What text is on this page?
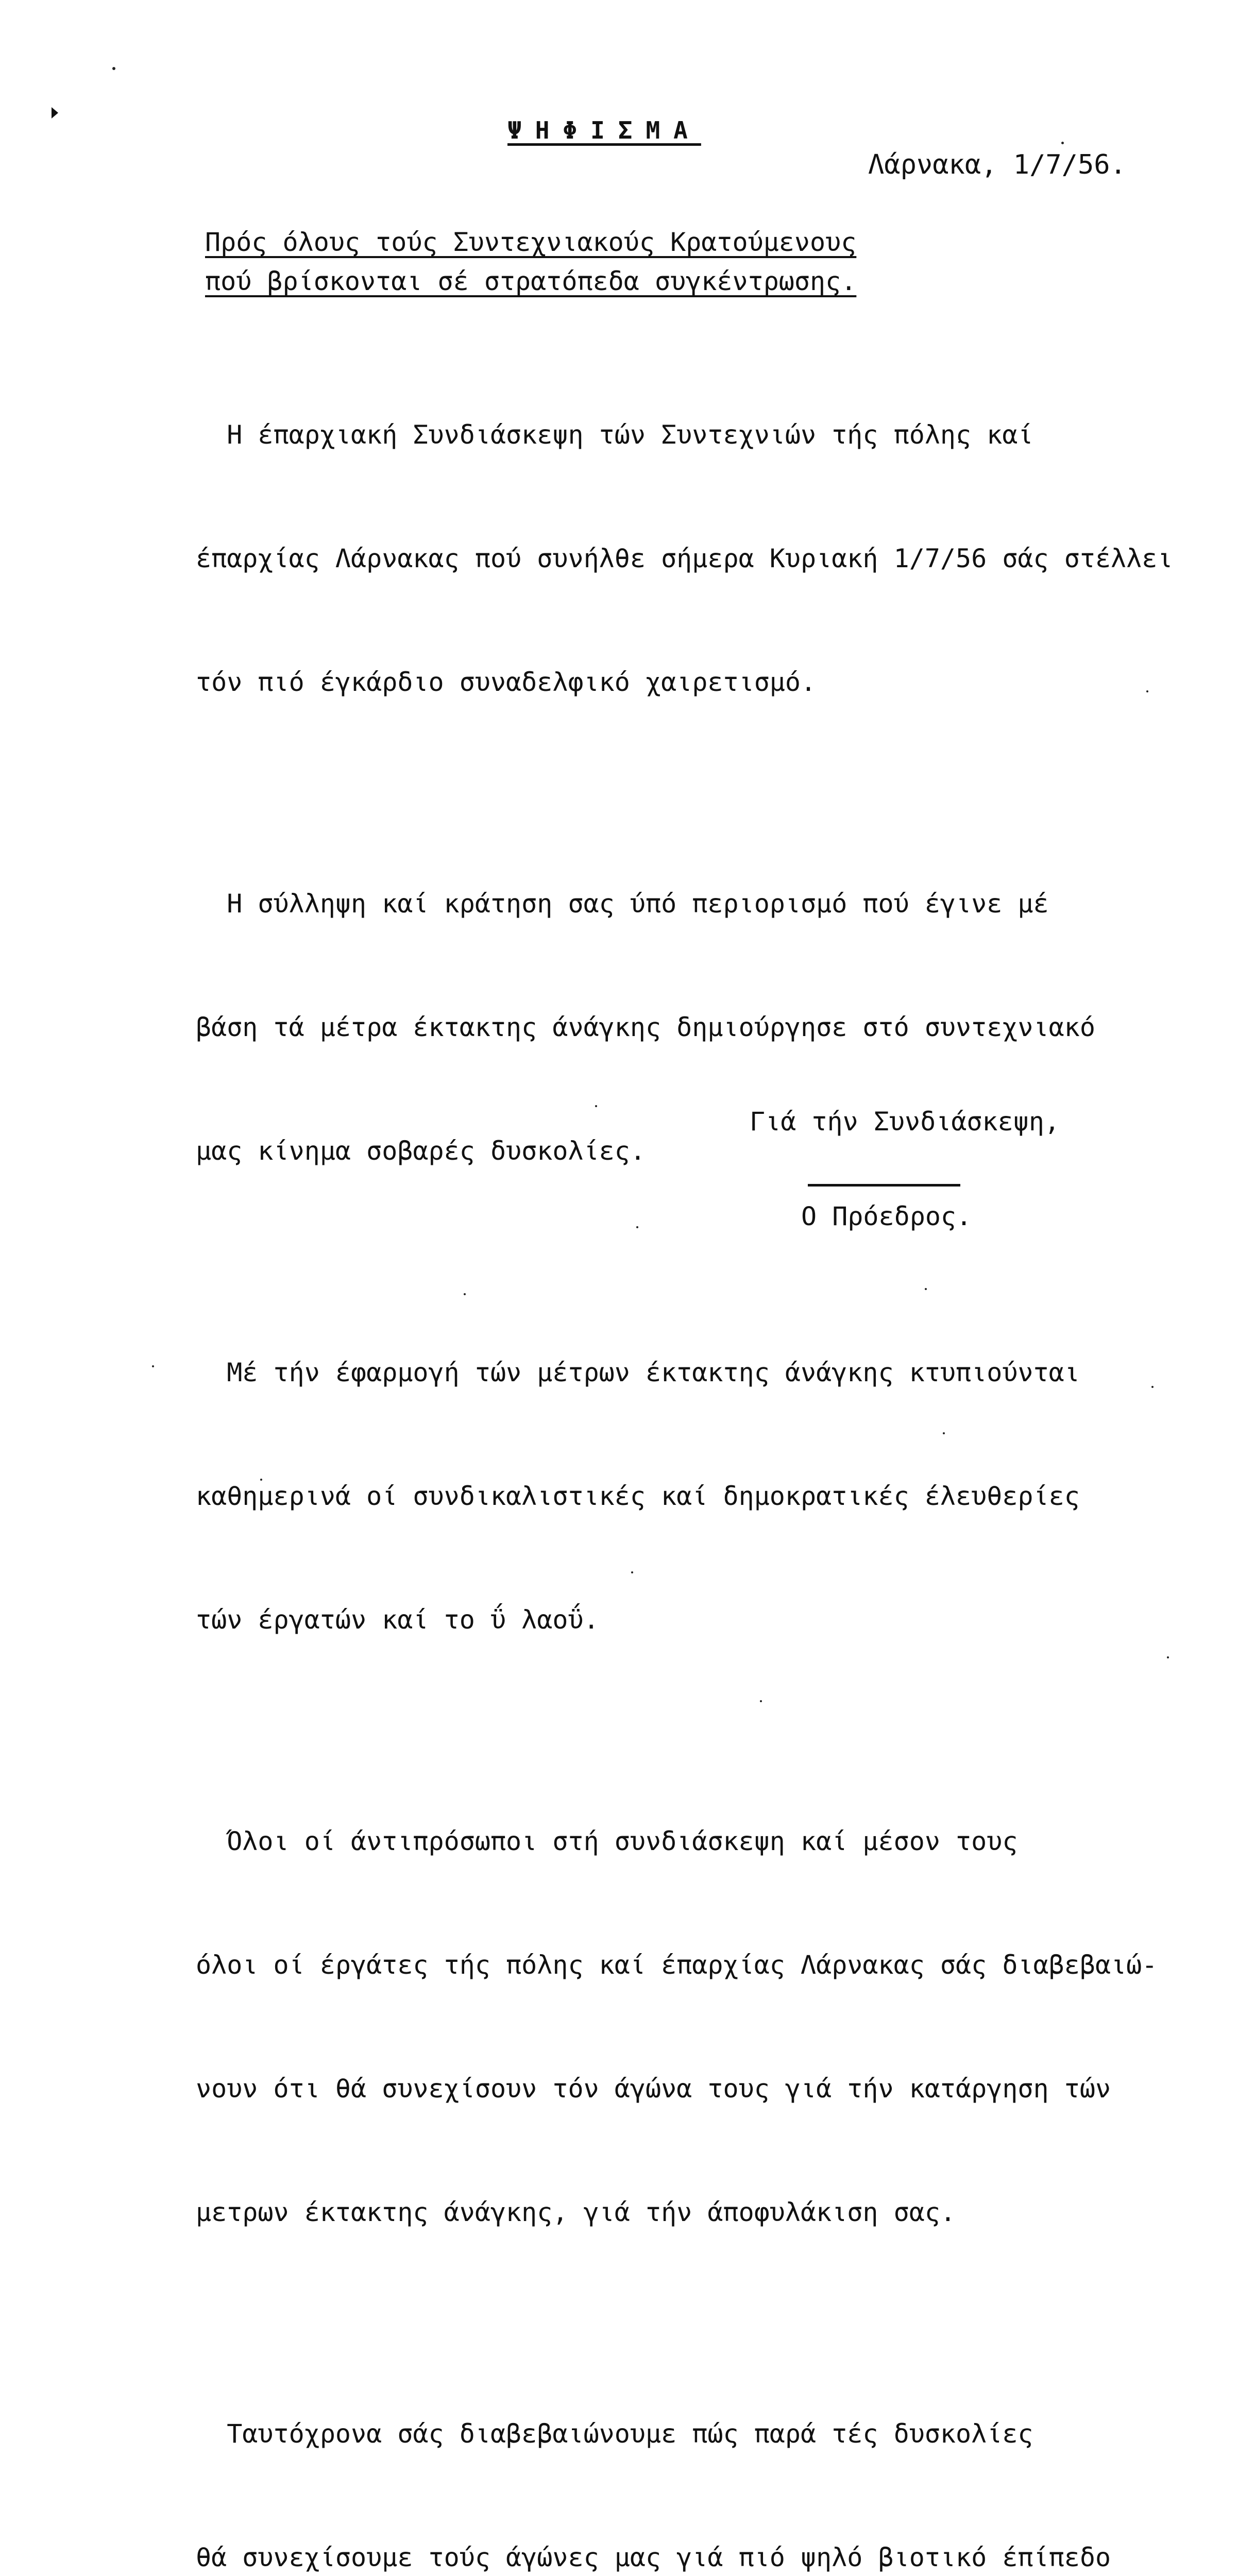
ΨΗΦΙΣΜΑ
Λάρνακα, 1/7/56.
Πρός όλους τούς Συντεχνιακούς Κρατούμενους
πού βρίσκονται σέ στρατόπεδα συγκέντρωσης.

Η έπαρχιακή Συνδιάσκεψη τών Συντεχνιών τής πόλης καί

έπαρχίας Λάρνακας πού συνήλθε σήμερα Κυριακή 1/7/56 σάς στέλλει

τόν πιό έγκάρδιο συναδελφικό χαιρετισμό.

Η σύλληψη καί κράτηση σας ύπό περιορισμό πού έγινε μέ

βάση τά μέτρα έκτακτης άνάγκης δημιούργησε στό συντεχνιακό

μας κίνημα σοβαρές δυσκολίες.

Μέ τήν έφαρμογή τών μέτρων έκτακτης άνάγκης κτυπιούνται

καθημερινά οί συνδικαλιστικές καί δημοκρατικές έλευθερίες

τών έργατών καί το ΰ λαοΰ.

Όλοι οί άντιπρόσωποι στή συνδιάσκεψη καί μέσον τους

όλοι οί έργάτες τής πόλης καί έπαρχίας Λάρνακας σάς διαβεβαιώ-

νουν ότι θά συνεχίσουν τόν άγώνα τους γιά τήν κατάργηση τών

μετρων έκτακτης άνάγκης, γιά τήν άποφυλάκιση σας.

Ταυτόχρονα σάς διαβεβαιώνουμε πώς παρά τές δυσκολίες

θά συνεχίσουμε τούς άγώνες μας γιά πιό ψηλό βιοτικό έπίπεδο

Γιά τήν Συνδιάσκεψη,
Ο Πρόεδρος.
